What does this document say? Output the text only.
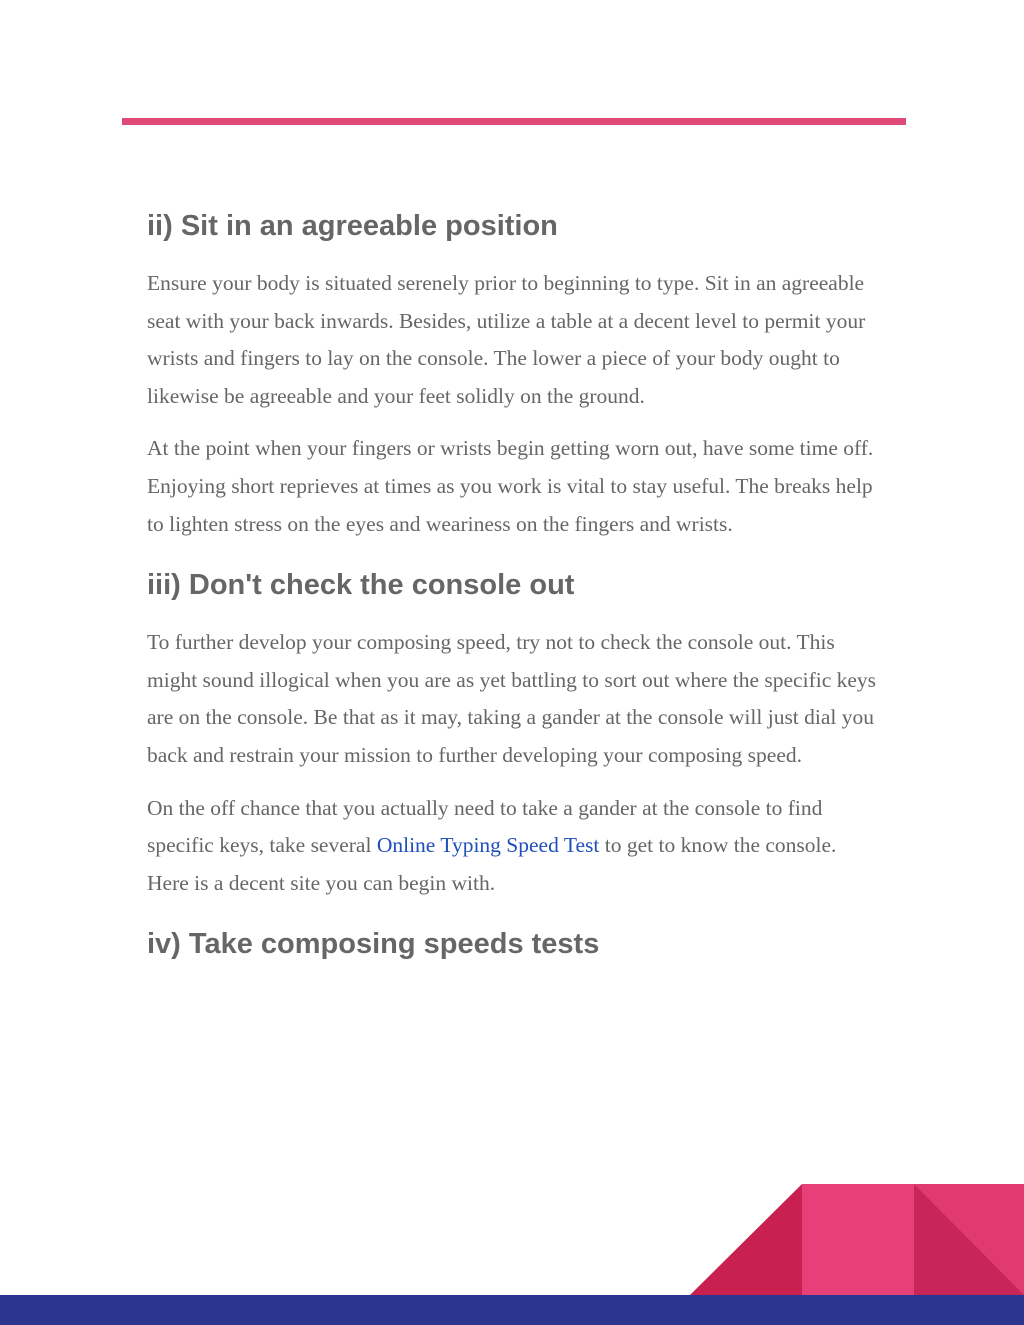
ii) Sit in an agreeable position

Ensure your body is situated serenely prior to beginning to type. Sit in an agreeable seat with your back inwards. Besides, utilize a table at a decent level to permit your wrists and fingers to lay on the console. The lower a piece of your body ought to likewise be agreeable and your feet solidly on the ground.

At the point when your fingers or wrists begin getting worn out, have some time off. Enjoying short reprieves at times as you work is vital to stay useful. The breaks help to lighten stress on the eyes and weariness on the fingers and wrists.

iii) Don't check the console out

To further develop your composing speed, try not to check the console out. This might sound illogical when you are as yet battling to sort out where the specific keys are on the console. Be that as it may, taking a gander at the console will just dial you back and restrain your mission to further developing your composing speed.

On the off chance that you actually need to take a gander at the console to find specific keys, take several Online Typing Speed Test to get to know the console. Here is a decent site you can begin with.

iv) Take composing speeds tests
